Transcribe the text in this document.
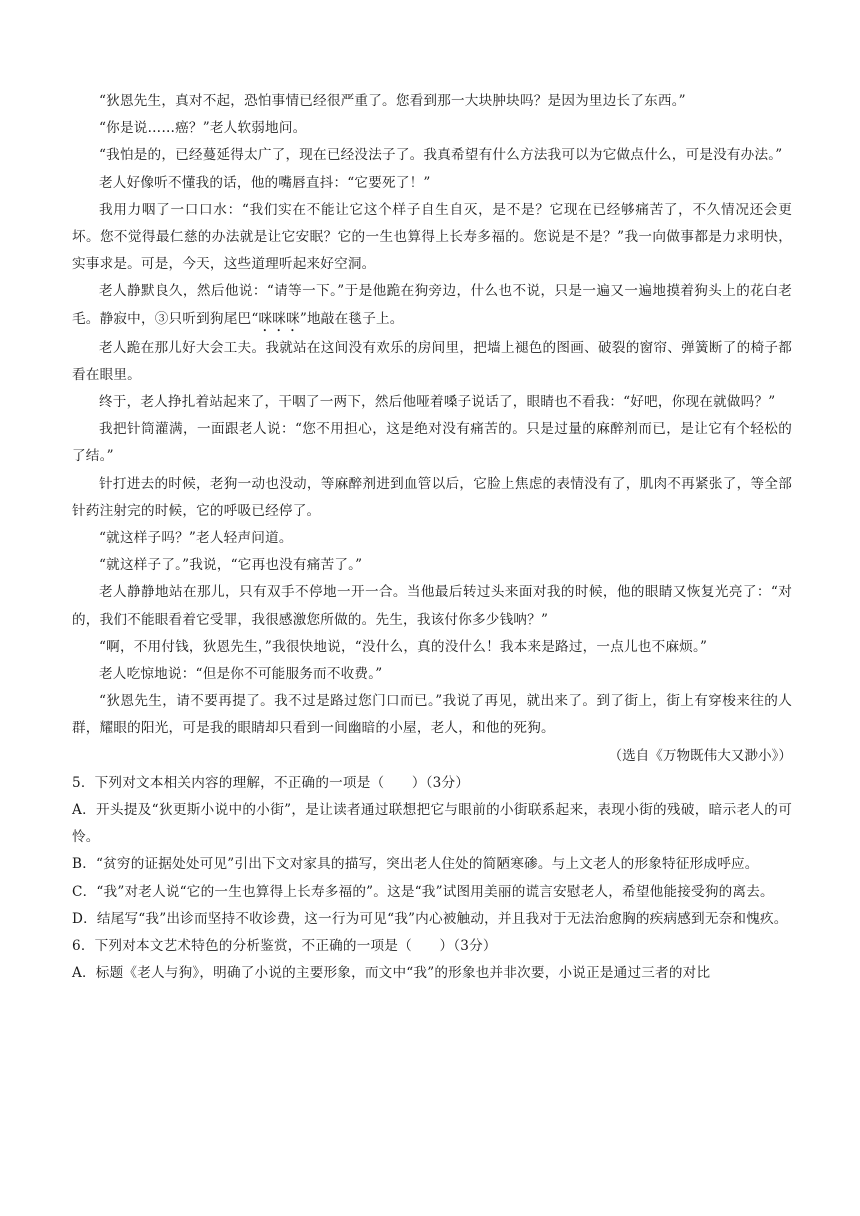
“狄恩先生，真对不起，恐怕事情已经很严重了。您看到那一大块肿块吗？是因为里边长了东西。”

“你是说……癌？”老人软弱地问。

“我怕是的，已经蔓延得太广了，现在已经没法子了。我真希望有什么方法我可以为它做点什么，可是没有办法。”

老人好像听不懂我的话，他的嘴唇直抖：“它要死了！”

我用力咽了一口口水：“我们实在不能让它这个样子自生自灭，是不是？它现在已经够痛苦了，不久情况还会更坏。您不觉得最仁慈的办法就是让它安眠？它的一生也算得上长寿多福的。您说是不是？”我一向做事都是力求明快，实事求是。可是，今天，这些道理听起来好空洞。

老人静默良久，然后他说：“请等一下。”于是他跪在狗旁边，什么也不说，只是一遍又一遍地摸着狗头上的花白老毛。静寂中，③只听到狗尾巴“咪咪咪”地敲在毯子上。

老人跪在那儿好大会工夫。我就站在这间没有欢乐的房间里，把墙上褪色的图画、破裂的窗帘、弹簧断了的椅子都看在眼里。

终于，老人挣扎着站起来了，干咽了一两下，然后他哑着嗓子说话了，眼睛也不看我：“好吧，你现在就做吗？”

我把针筒灌满，一面跟老人说：“您不用担心，这是绝对没有痛苦的。只是过量的麻醉剂而已，是让它有个轻松的了结。”

针打进去的时候，老狗一动也没动，等麻醉剂进到血管以后，它脸上焦虑的表情没有了，肌肉不再紧张了，等全部针药注射完的时候，它的呼吸已经停了。

“就这样子吗？”老人轻声问道。

“就这样子了。”我说，“它再也没有痛苦了。”

老人静静地站在那儿，只有双手不停地一开一合。当他最后转过头来面对我的时候，他的眼睛又恢复光亮了：“对的，我们不能眼看着它受罪，我很感激您所做的。先生，我该付你多少钱呐？”

“啊，不用付钱，狄恩先生，”我很快地说，“没什么，真的没什么！我本来是路过，一点儿也不麻烦。”

老人吃惊地说：“但是你不可能服务而不收费。”

“狄恩先生，请不要再提了。我不过是路过您门口而已。”我说了再见，就出来了。到了街上，街上有穿梭来往的人群，耀眼的阳光，可是我的眼睛却只看到一间幽暗的小屋，老人，和他的死狗。

（选自《万物既伟大又渺小》）

5．下列对文本相关内容的理解，不正确的一项是（　　）（3分）

A．开头提及“狄更斯小说中的小街”，是让读者通过联想把它与眼前的小街联系起来，表现小街的残破，暗示老人的可怜。

B．“贫穷的证据处处可见”引出下文对家具的描写，突出老人住处的简陋寒碜。与上文老人的形象特征形成呼应。

C．“我”对老人说“它的一生也算得上长寿多福的”。这是“我”试图用美丽的谎言安慰老人，希望他能接受狗的离去。

D．结尾写“我”出诊而坚持不收诊费，这一行为可见“我”内心被触动，并且我对于无法治愈胸的疾病感到无奈和愧疚。

6．下列对本文艺术特色的分析鉴赏，不正确的一项是（　　）（3分）

A．标题《老人与狗》，明确了小说的主要形象，而文中“我”的形象也并非次要，小说正是通过三者的对比
